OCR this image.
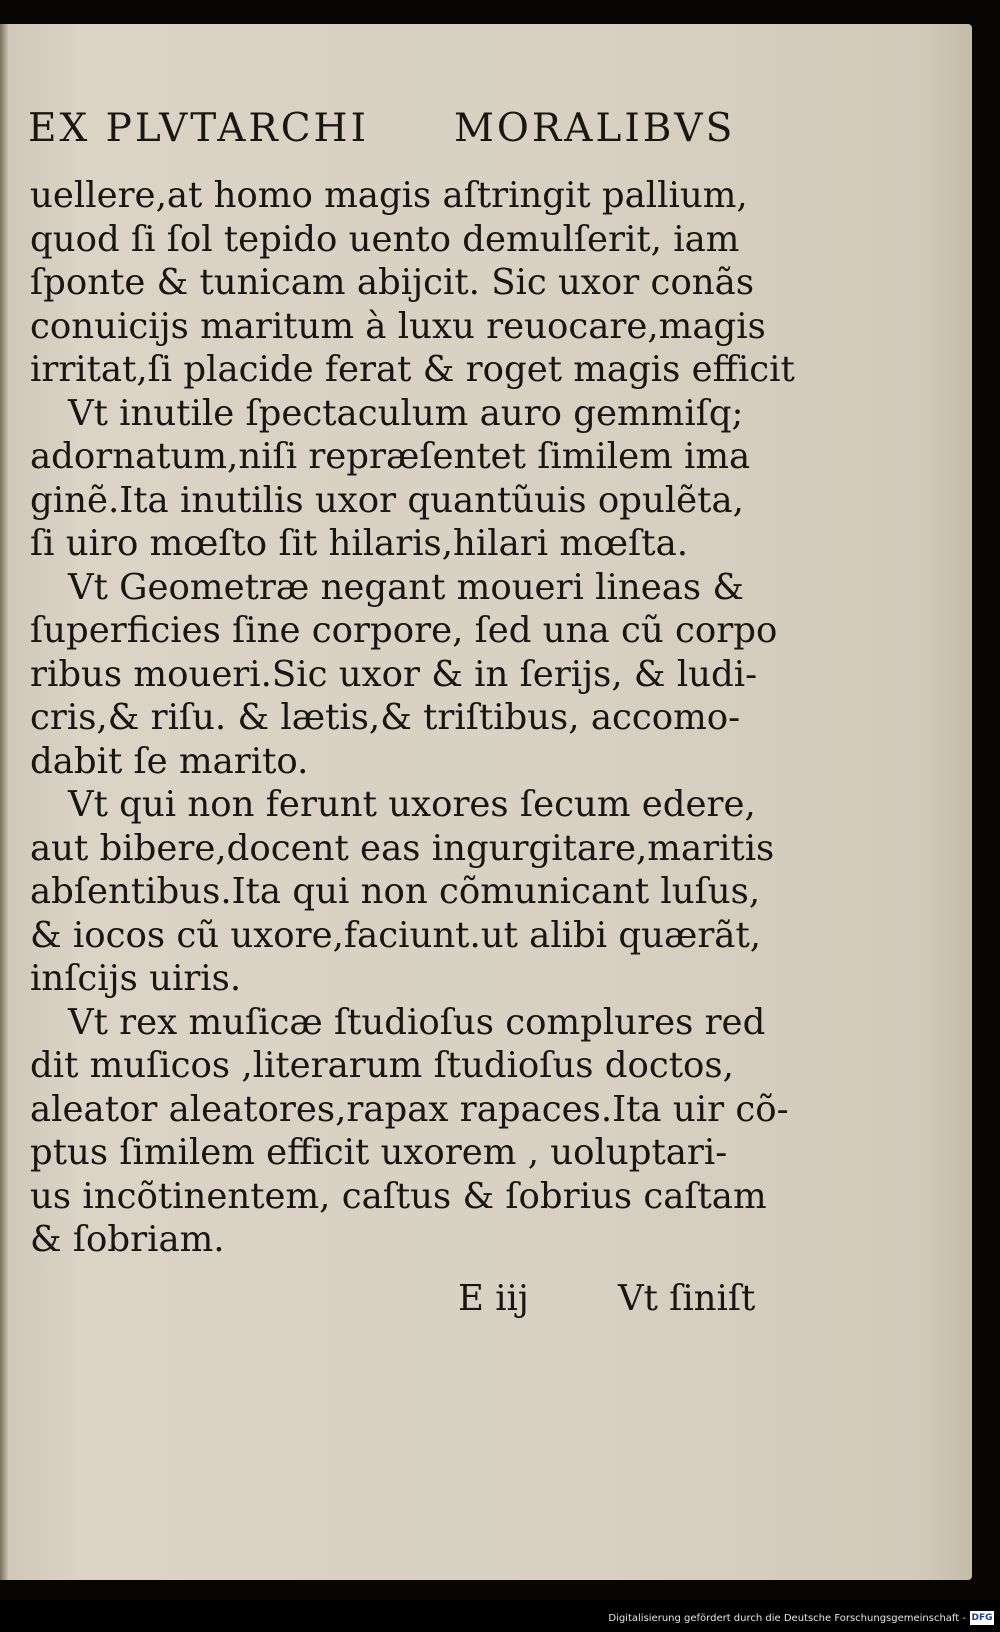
EX PLVTARCHI MORALIBVS
uellere,at homo magis aſtringit pallium,
quod ſi ſol tepido uento demulſerit, iam
ſponte & tunicam abijcit. Sic uxor conãs
conuicijs maritum à luxu reuocare,magis
irritat,ſi placide ferat & roget magis efficit
Vt inutile ſpectaculum auro gemmiſq;
adornatum,niſi repræſentet ſimilem ima
ginẽ.Ita inutilis uxor quantũuis opulẽta,
ſi uiro mœſto ſit hilaris,hilari mœſta.
Vt Geometræ negant moueri lineas &
ſuperficies ſine corpore, ſed una cũ corpo
ribus moueri.Sic uxor & in ſerijs, & ludi-
cris,& riſu. & lætis,& triſtibus, accomo-
dabit ſe marito.
Vt qui non ferunt uxores ſecum edere,
aut bibere,docent eas ingurgitare,maritis
abſentibus.Ita qui non cõmunicant luſus,
& iocos cũ uxore,faciunt.ut alibi quærãt,
inſcijs uiris.
Vt rex muſicæ ſtudioſus complures red
dit muſicos ,literarum ſtudioſus doctos,
aleator aleatores,rapax rapaces.Ita uir cõ-
ptus ſimilem efficit uxorem , uoluptari-
us incõtinentem, caſtus & ſobrius caſtam
& ſobriam.
E iij	Vt ſiniſt
Digitalisierung gefördert durch die Deutsche Forschungsgemeinschaft - DFG
